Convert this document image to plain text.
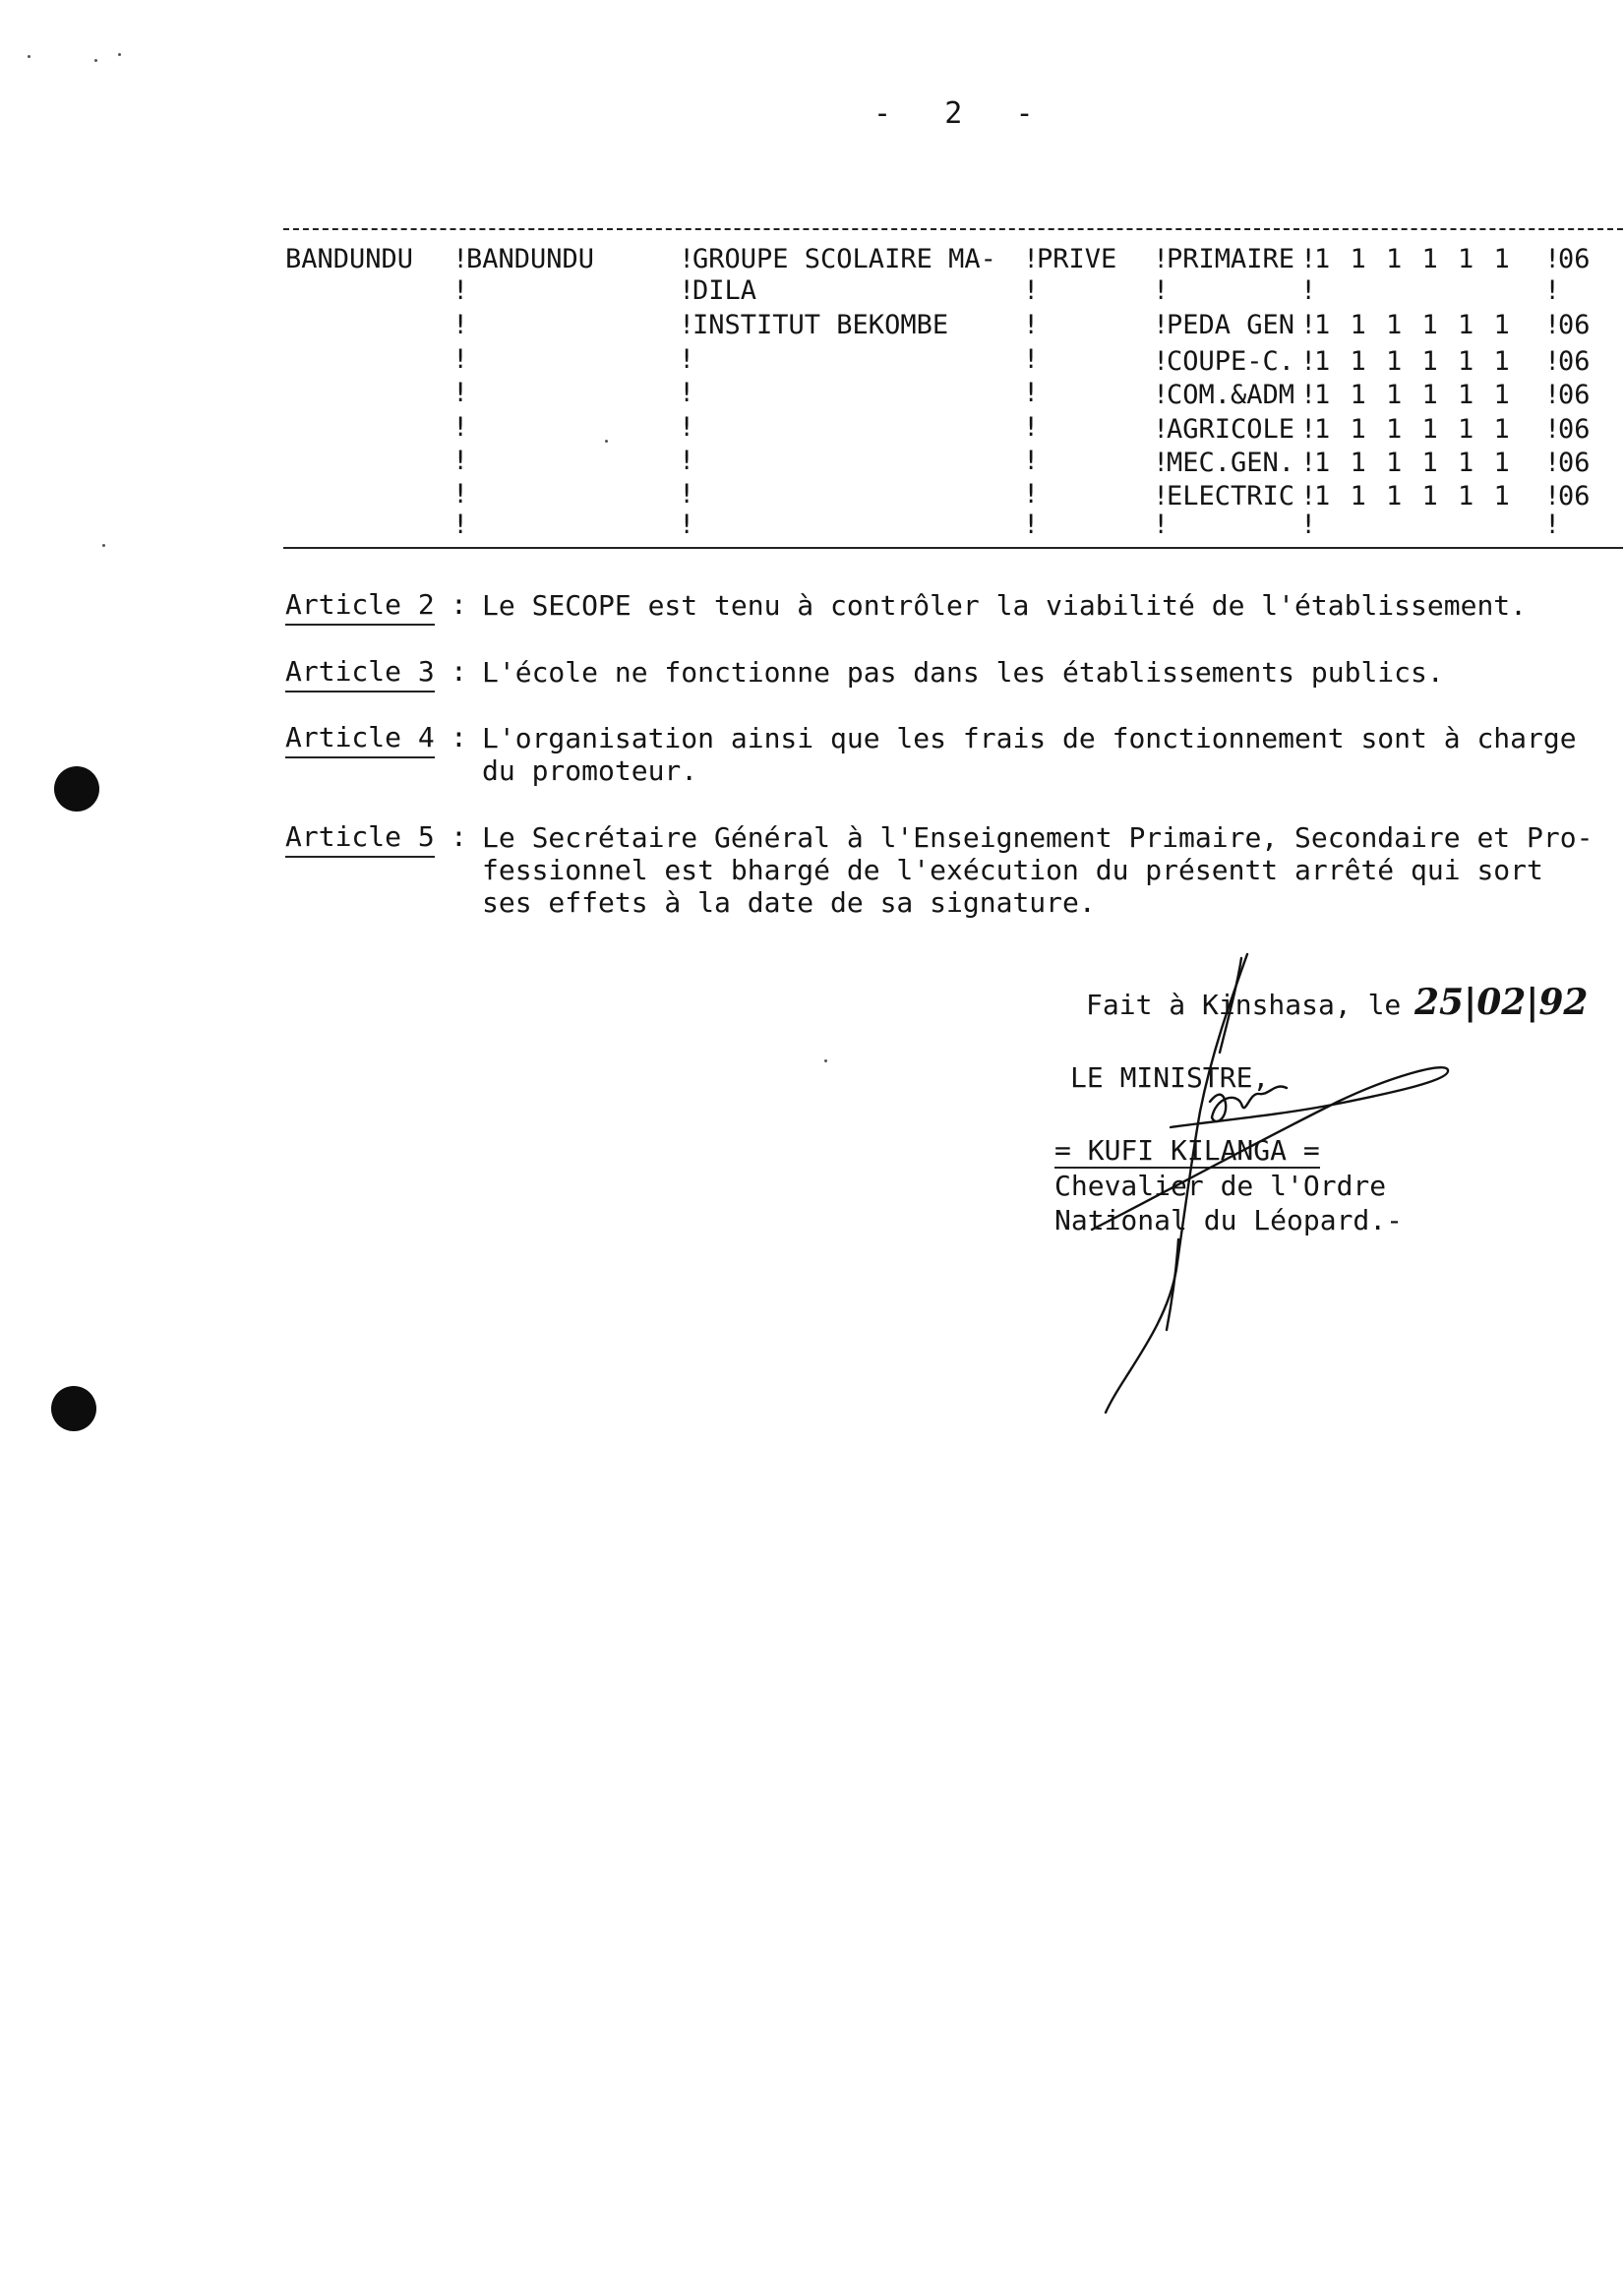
-   2   -
BANDUNDU !
!
!
!
!
!
!
!
!
BANDUNDU	!
!
!
!
!
!
!
!
!
GROUPE SCOLAIRE MA-
DILA
INSTITUT BEKOMBE
!
!
!
!
!
!
!
!
!
PRIVE !
!
!
!
!
!
!
!
!
PRIMAIRE
PEDA GEN
COUPE-C.
COM.&ADM
AGRICOLE
MEC.GEN.
ELECTRIC
!
!
!
!
!
!
!
!
!
1 1 1 1 1 1
1 1 1 1 1 1
1 1 1 1 1 1
1 1 1 1 1 1
1 1 1 1 1 1
1 1 1 1 1 1
1 1 1 1 1 1
!
!
!
!
!
!
!
!
!
06
06
06
06
06
06
06
Article 2 : Le SECOPE est tenu à contrôler la viabilité de l'établissement.
Article 3 : L'école ne fonctionne pas dans les établissements publics.
Article 4 : L'organisation ainsi que les frais de fonctionnement sont à charge
du promoteur.
Article 5 : Le Secrétaire Général à l'Enseignement Primaire, Secondaire et Pro-
fessionnel est bhargé de l'exécution du présentt arrêté qui sort
ses effets à la date de sa signature.
Fait à Kinshasa, le 25|02|92
LE MINISTRE,
= KUFI KILANGA =
Chevalier de l'Ordre
National du Léopard.-
